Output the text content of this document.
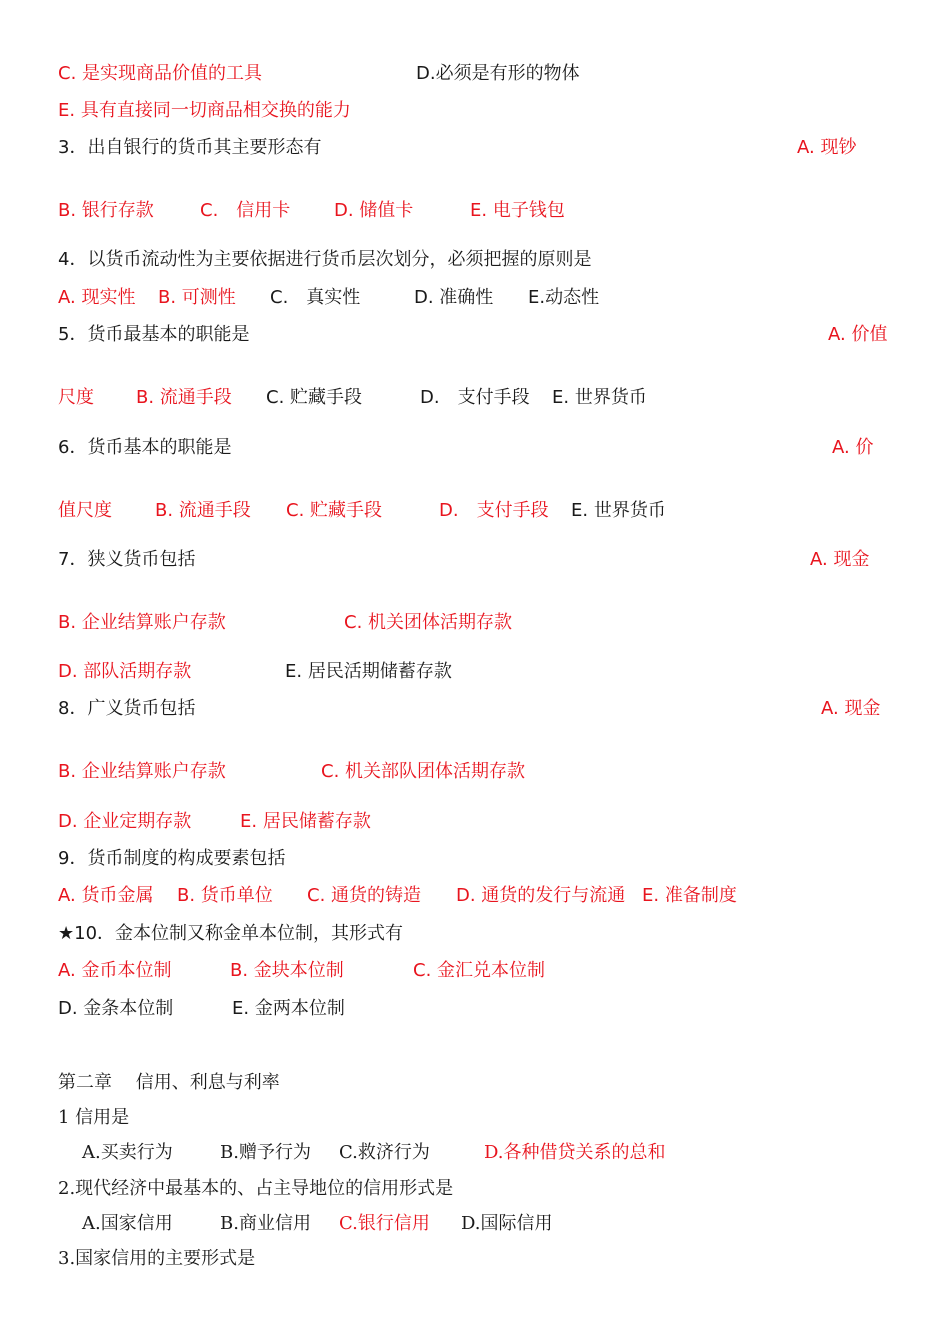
C. 是实现商品价值的工具	D.必须是有形的物体
E. 具有直接同一切商品相交换的能力
3．出自银行的货币其主要形态有	A. 现钞
B. 银行存款	C.　信用卡 D. 储值卡	E. 电子钱包
4．以货币流动性为主要依据进行货币层次划分，必须把握的原则是
A. 现实性 B. 可测性 C.　真实性	D. 准确性 E.动态性
5．货币最基本的职能是	A. 价值
尺度 B. 流通手段 C. 贮藏手段	D.　支付手段 E. 世界货币
6．货币基本的职能是	A. 价
值尺度 B. 流通手段 C. 贮藏手段	D.　支付手段 E. 世界货币
7．狭义货币包括	A. 现金
B. 企业结算账户存款	C. 机关团体活期存款
D. 部队活期存款	E. 居民活期储蓄存款
8．广义货币包括	A. 现金
B. 企业结算账户存款	C. 机关部队团体活期存款
D. 企业定期存款	E. 居民储蓄存款
9．货币制度的构成要素包括
A. 货币金属 B. 货币单位 C. 通货的铸造 D. 通货的发行与流通 E. 准备制度
★10．金本位制又称金单本位制，其形式有
A. 金币本位制	B. 金块本位制	C. 金汇兑本位制
D. 金条本位制	E. 金两本位制
第二章　 信用、利息与利率
1 信用是
A.买卖行为	B.赠予行为 C.救济行为	D.各种借贷关系的总和
2.现代经济中最基本的、占主导地位的信用形式是
A.国家信用	B.商业信用 C.银行信用 D.国际信用
3.国家信用的主要形式是
